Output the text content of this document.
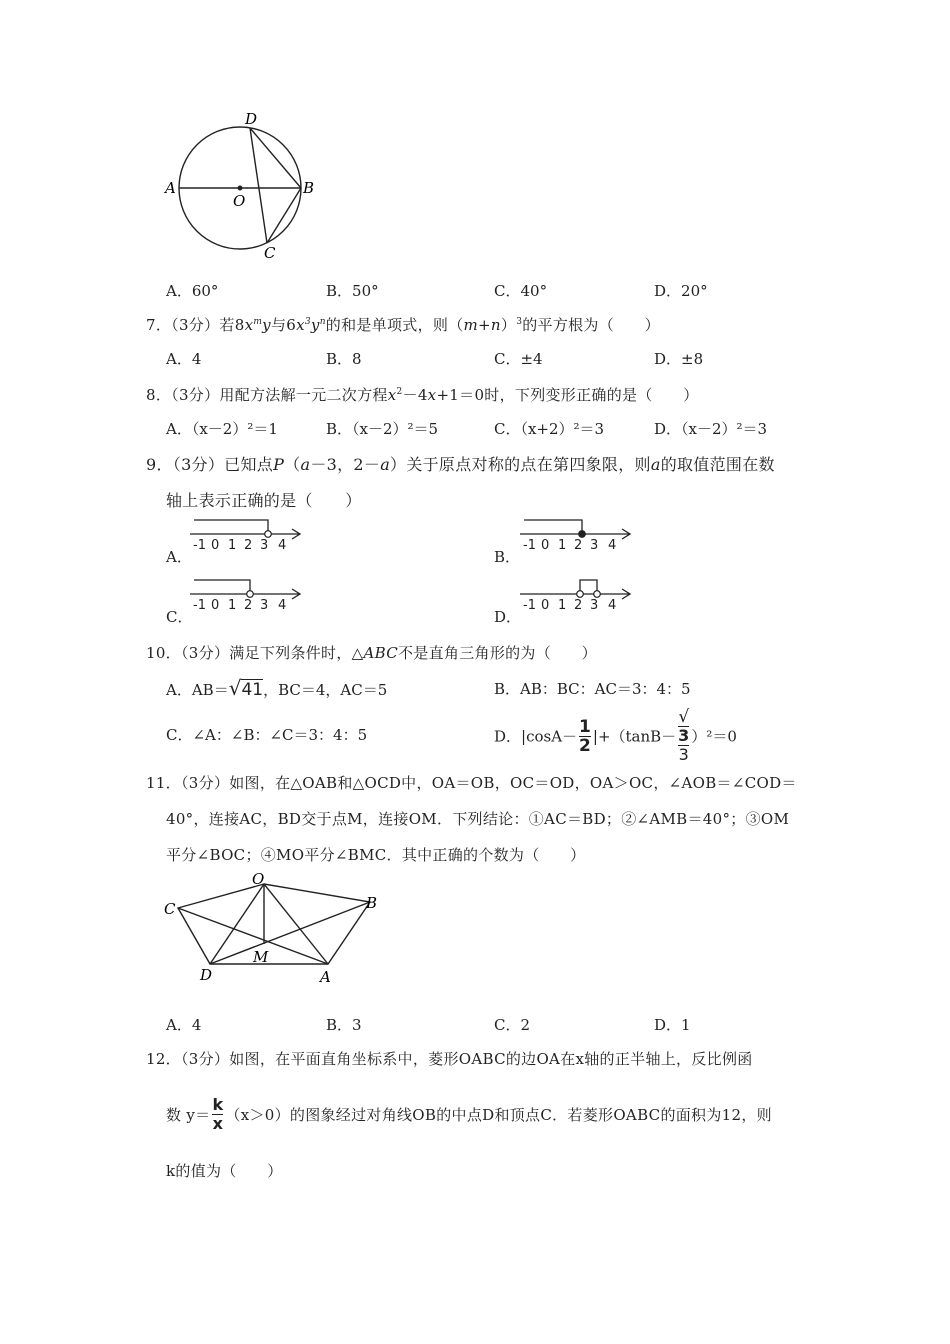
A	B
D
C
O
A．60°	B．50°	C．40°	D．20°
7．（3分）若$8x^my$与$6x^3y^n$的和是单项式，则$(m+n)^3$的平方根为（　　）
A．4	B．8	C．±4	D．±8
8．（3分）用配方法解一元二次方程$x^2-4x+1=0$时，下列变形正确的是（　　）
A．（x－2）²＝1	B．（x－2）²＝5	C．（x+2）²＝3	D．（x－2）²＝3
9．（3分）已知点P（a－3，2－a）关于原点对称的点在第四象限，则a的取值范围在数
轴上表示正确的是（　　）
A．	B．
C．	D．
-1 0 1 2 3 4	-1 0 1 2 3 4
-1 0 1 2 3 4	-1 0 1 2 3 4
10．（3分）满足下列条件时，△ABC不是直角三角形的为（　　）
A．AB＝√41，BC＝4，AC＝5	B．AB：BC：AC＝3：4：5
C．∠A：∠B：∠C＝3：4：5	D．$|\cos A- \frac{1}{2} |+(\tan B-$ √
3
3 ）²＝0
11．（3分）如图，在△OAB和△OCD中，OA＝OB，OC＝OD，OA＞OC，∠AOB＝∠COD＝
40°，连接AC，BD交于点M，连接OM．下列结论：①AC＝BD；②∠AMB＝40°；③OM
平分∠BOC；④MO平分∠BMC．其中正确的个数为（　　）
O
C	B
D
M
A
A．4	B．3	C．2	D．1
12．（3分）如图，在平面直角坐标系中，菱形OABC的边OA在x轴的正半轴上，反比例函
数 $y= \frac{k}{x} (x>0)$的图象经过对角线OB的中点D和顶点C．若菱形OABC的面积为12，则
k的值为（　　）
